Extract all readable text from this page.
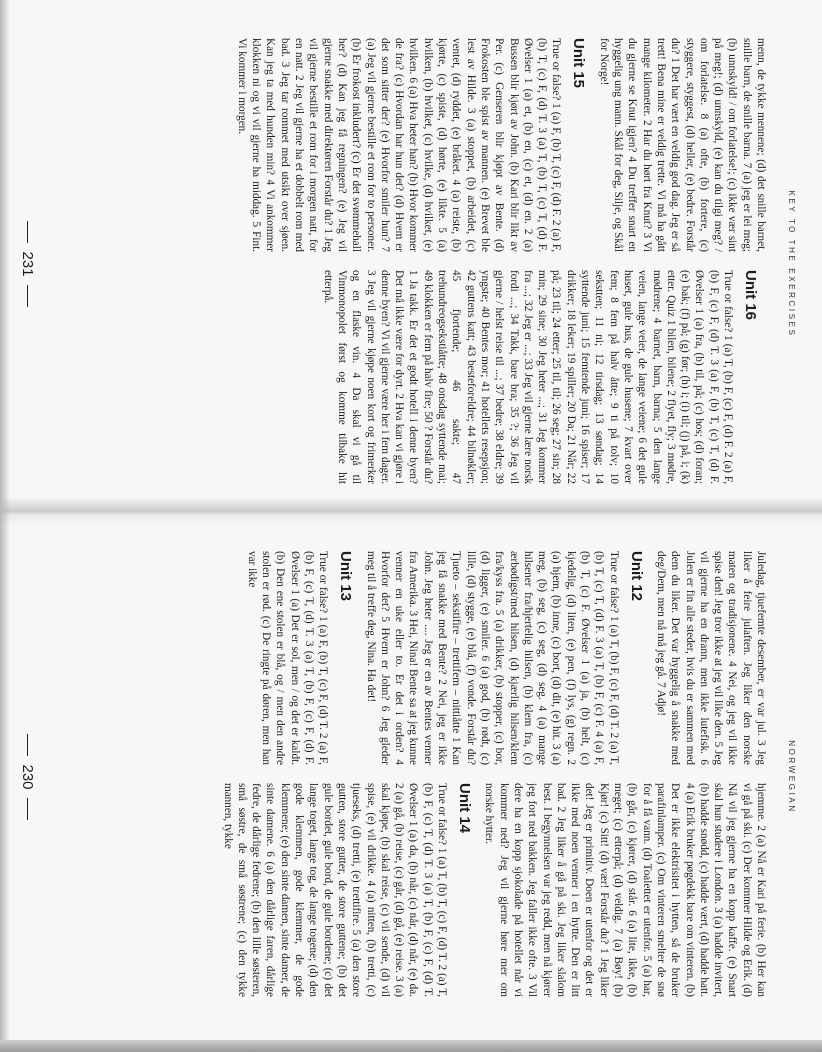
NORWEGIAN

Juledag, tjuefemte desember, er var jul. 3 Jeg liker å feire julaften. Jeg liker den norske maten og tradisjonene. 4 Nei, og jeg vil ikke spise den! Jeg tror ikke at jeg vil like den. 5 Jeg vil gjerne ha en drann, men ikke lutefisk. 6 Julen er fin alle steder, hvis du er sammen med dem du liker. Det var hyggelig å snakke med deg/Dem, men nå må jeg gå. 7 Adjø!

Unit 12

True or false? 1 (a) T, (b) F, (c) F, (d) T. 2 (a) T, (b) T, (c) T, (d) F. 3 (a) T, (b) F, (c) F. 4 (a) F, (b) T, (c) F. Øvelser 1 (a) ja, (b) helt, (c) kjedelig, (d) liten, (e) pen, (f) lys, (g) regn. 2 (a) hjem, (b) inne, (c) bort, (d) dit, (e) hit. 3 (a) meg, (b) seg, (c) seg, (d) seg. 4 (a) mange hilsener fra/hjertelig hilsen, (b) klem fra, (c) ærbødigst/med hilsen, (d) kjærlig hilsen/klem fra/kyss fra. 5 (a) drikker, (b) stopper, (c) bor, (d) ligger, (e) smiler. 6 (a) god, (b) rødt, (c) lille, (d) stygge, (e) blå, (f) vonde. Forstår du? Tjueto – sekstifire – trettifem – nittiåtte 1 Kan jeg få snakke med Bente? 2 Nei, jeg er ikke John. Jeg heter .... Jeg er en av Bentes venner fra Amerika. 3 Hei, Nina! Bente sa at jeg kunne venner en uke eller to. Er det i orden? 4 Hvorfor det? 5 Hvem er John? 6 Jeg gleder meg til å treffe deg, Nina. Ha det!

Unit 13

True or false? 1 (a) F, (b) T, (c) F, (d) T. 2 (a) F, (b) F, (c) T, (d) T. 3 (a) T, (b) F, (c) F, (d) F. Øvelser 1 (a) Det er sol, men / og det er kaldt. (b) Den ene stolen er blå, og / men den andre stolen er rød. (c) De ringte på døren, men han var ikke

hjemme. 2 (a) Nå er Kari på ferie. (b) Her kan vi gå på ski. (c) Der kommer Hilde og Erik. (d) Nå vil jeg gjerne ha en kopp kaffe. (e) Snart skal hun studere i London. 3 (a) hadde invitert, (b) hadde snødd, (c) hadde vært, (d) hadde hatt. 4 (a) Erik bruker pøgdekk bare om vinteren. (b) Det er ikke elektrisitet i hytten, så de bruker parafinlamper. (c) Om vinteren smelter de snø for å få vann. (d) Toalettet er utenfor. 5 (a) har, (b) går, (c) kjører, (d) står. 6 (a) lite, ikke, (b) meget; (c) etterpå; (d) veldig. 7 (a) Bøy! (b) Kjør! (c) Sitt! (d) vær! Forstår du? 1 Jeg liker det! Jeg er primitiv. Doen er utenfor og det er ikke med noen venner i en hytte. Den er litt bad. 2 Jeg liker å gå på ski. Jeg liker slalom best. I begynnelsen var jeg redd, men nå kjører jeg fort ned bakken. Jeg faller ikke ofte. 3 Vil dere ha en kopp sjokolade på hotellet når vi kommer ned? Jeg vil gjerne høre mer om norske hytter.

Unit 14

True or false? 1 (a) T, (b) T, (c) F, (d) T. 2 (a) T, (b) F, (c) T, (d) T. 3 (a) T, (b) F, (c) F, (d) T. Øvelser 1 (a) da, (b) når, (c) når, (d) når, (e) da. 2 (a) gå, (b) reise, (c) går, (d) gå, (e) reise. 3 (a) skal kjøpe, (b) skal reise, (c) vil sende, (d) vil spise, (e) vil drikke. 4 (a) nitten, (b) tretti, (c) tjueseks, (d) tretti, (e) trettifire. 5 (a) den store gutten, store gutter, de store guttene; (b) det gule bordet, gule bord, de gule bordene; (c) det lange toget, lange tog, de lange togene; (d) den gode klemmen, gode klemmer, de gode klemmene; (e) den sinte damen, sinte damer, de sinte damene. 6 (a) den dårlige faren, dårlige fedre, de dårlige fedrene; (b) den lille søsteren, små søstre, de små søstrene; (c) den tykke mannen, tykke

230
KEY TO THE EXERCISES

menn, de tykke mennene; (d) det snille barnet, snille barn, de snille barna. 7 (a) jeg er lei meg; (b) unnskyld! / om forlatelse!; (c) ikke vær sint på meg!; (d) unnskyld, (e) kan du tilgi meg? / om forlatelse. 8 (a) ofte, (b) fortere, (c) styggere, styggest, (d) heller, (e) bedre. Forstår du? 1 Det har vært en veldig god dag. Jeg er så trett! Bena mine er veldig trette. Vi må ha gått mange kilometer. 2 Har du hørt fra Knut? 3 Vi du gjerne se Knut igjen? 4 Du treffer snart en hyggelig ung mann. Skål for deg, Silje, og Skål for Norge!

Unit 15

True or false? 1 (a) F, (b) T, (c) F, (d) F. 2 (a) F, (b) T, (c) F, (d) T. 3 (a) T, (b) T, (c) T, (d) F. Øvelser 1 (a) et, (b) en, (c) et, (d) en. 2 (a) Bussen blir kjørt av John. (b) Kari blir likt av Per. (c) Genseren blir kjøpt av Bente. (d) Frokosten ble spist av mannen. (e) Brevet ble lest av Hilde. 3 (a) stoppet, (b) arbeidet, (c) ventet, (d) ryddet, (e) bråket. 4 (a) reiste, (b) kjørte, (c) spiste, (d) hørte, (e) likte. 5 (a) hvilken, (b) hvilket, (c) hvilke, (d) hvilket, (e) hvilken. 6 (a) Hva heter han? (b) Hvor kommer de fra? (c) Hvordan har hun det? (d) Hvem er det som sitter der? (e) Hvorfor smiler hun? 7 (a) Jeg vil gjerne bestille et rom for to personer. (b) Er frokost inkludert? (c) Er det svømmehall her? (d) Kan jeg få regningen? (e) Jeg vil gjerne snakke med direktøren Forstår du? 1 Jeg vil gjerne bestille et rom for i morgen natt, for en natt. 2 Jeg vil gjerne ha et dobbelt rom med bad. 3 Jeg tar rommet med utsikt over sjøen. Kan jeg ta med hunden min? 4 Vi ankommer klokken ni og vi vil gjerne ha middag. 5 Fint. Vi kommer i morgen.

Unit 16

True or false? 1 (a) T, (b) F, (c) F, (d) F. 2 (a) F, (b) F, (c) F, (d) T. 3 (a) F, (b) T, (c) T, (d) F. Øvelser 1 (a) fra, (b) til, på; (c) hos; (d) foran; (e) bak; (f) på; (g) før; (h) i; (i) til; (j) på, i; (k) etter. Quiz 1 bilen, bilene; 2 flyet, fly; 3 mødre, mødrene; 4 barnet, barn, barna; 5 den lange veien, lange veier, de lange veiene; 6 det gule huset, gule hus, de gule husene; 7 kvart over fem; 8 fem på halv åtte; 9 ti på tolv; 10 sekstten; 11 ni; 12 tirsdag; 13 søndag; 14 syttende juni; 15 femtende juni; 16 spiser; 17 drikker; 18 leker; 19 spiller; 20 Da; 21 Når; 22 på; 23 til; 24 etter; 25 til, til; 26 seg; 27 sin; 28 min; 29 sine; 30 Jeg heter ...; 31 Jeg kommer fra ...; 32 Jeg er ...; 33 Jeg vil gjerne lære norsk fordi ...; 34 Takk, bare bra; 35 ?; 36 Jeg vil gjerne / helst reise til ...; 37 bedre; 38 eldre; 39 yngste; 40 Bentes mor; 41 hotellets resepsjon; 42 guttens katt; 43 besteforeldre; 44 bilnøkler; 45 fjortende; 46 sakte; 47 trehundreogsekstiåtte; 48 onsdag syttende mai; 49 klokken er fem på halv fire; 50 ? Forstår du? 1 Ja takk. Er det et godt hotell i denne byen? Det må ikke være for dyrt. 2 Hva kan vi gjøre i denne byen? Vi vil gjerne være her i fem dager. 3 Jeg vil gjerne kjøpe noen kort og frimerker og en flaske vin. 4 Da skal vi gå til Vinmonopolet først og komme tilbake hit etterpå.

231
